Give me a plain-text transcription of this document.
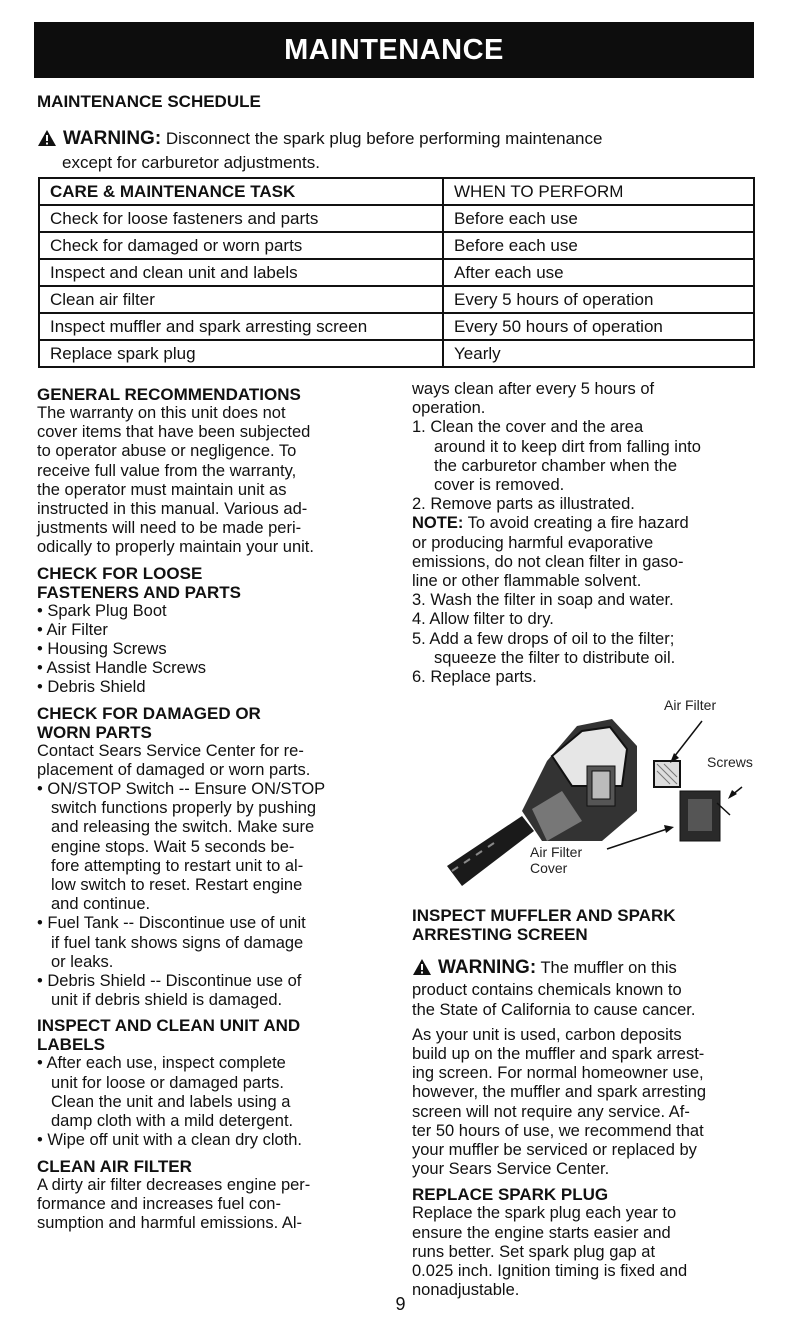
MAINTENANCE
MAINTENANCE SCHEDULE
WARNING: Disconnect the spark plug before performing maintenance
except for carburetor adjustments.
CARE & MAINTENANCE TASK	WHEN TO PERFORM
Check for loose fasteners and parts	Before each use
Check for damaged or worn parts	Before each use
Inspect and clean unit and labels	After each use
Clean air filter	Every 5 hours of operation
Inspect muffler and spark arresting screen	Every 50 hours of operation
Replace spark plug	Yearly

GENERAL RECOMMENDATIONS

The warranty on this unit does not
cover items that have been subjected
to operator abuse or negligence. To
receive full value from the warranty,
the operator must maintain unit as
instructed in this manual. Various ad-
justments will need to be made peri-
odically to properly maintain your unit.

CHECK FOR LOOSE

FASTENERS AND PARTS

• Spark Plug Boot
• Air Filter
• Housing Screws
• Assist Handle Screws
• Debris Shield

CHECK FOR DAMAGED OR

WORN PARTS

Contact Sears Service Center for re-
placement of damaged or worn parts.
• ON/STOP Switch -- Ensure ON/STOP
switch functions properly by pushing
and releasing the switch. Make sure
engine stops. Wait 5 seconds be-
fore attempting to restart unit to al-
low switch to reset. Restart engine
and continue.
• Fuel Tank -- Discontinue use of unit
if fuel tank shows signs of damage
or leaks.
• Debris Shield -- Discontinue use of
unit if debris shield is damaged.

INSPECT AND CLEAN UNIT AND

LABELS

• After each use, inspect complete
unit for loose or damaged parts.
Clean the unit and labels using a
damp cloth with a mild detergent.
• Wipe off unit with a clean dry cloth.

CLEAN AIR FILTER

A dirty air filter decreases engine per-
formance and increases fuel con-
sumption and harmful emissions. Al-
ways clean after every 5 hours of
operation.
1. Clean the cover and the area
around it to keep dirt from falling into
the carburetor chamber when the
cover is removed.
2. Remove parts as illustrated.
NOTE: To avoid creating a fire hazard
or producing harmful evaporative
emissions, do not clean filter in gaso-
line or other flammable solvent.
3. Wash the filter in soap and water.
4. Allow filter to dry.
5. Add a few drops of oil to the filter;
squeeze the filter to distribute oil.
6. Replace parts.
Air Filter
Screws
Air Filter
Cover

INSPECT MUFFLER AND SPARK

ARRESTING SCREEN

WARNING: The muffler on this
product contains chemicals known to
the State of California to cause cancer.
As your unit is used, carbon deposits
build up on the muffler and spark arrest-
ing screen. For normal homeowner use,
however, the muffler and spark arresting
screen will not require any service. Af-
ter 50 hours of use, we recommend that
your muffler be serviced or replaced by
your Sears Service Center.

REPLACE SPARK PLUG

Replace the spark plug each year to
ensure the engine starts easier and
runs better. Set spark plug gap at
0.025 inch. Ignition timing is fixed and
nonadjustable.
9
